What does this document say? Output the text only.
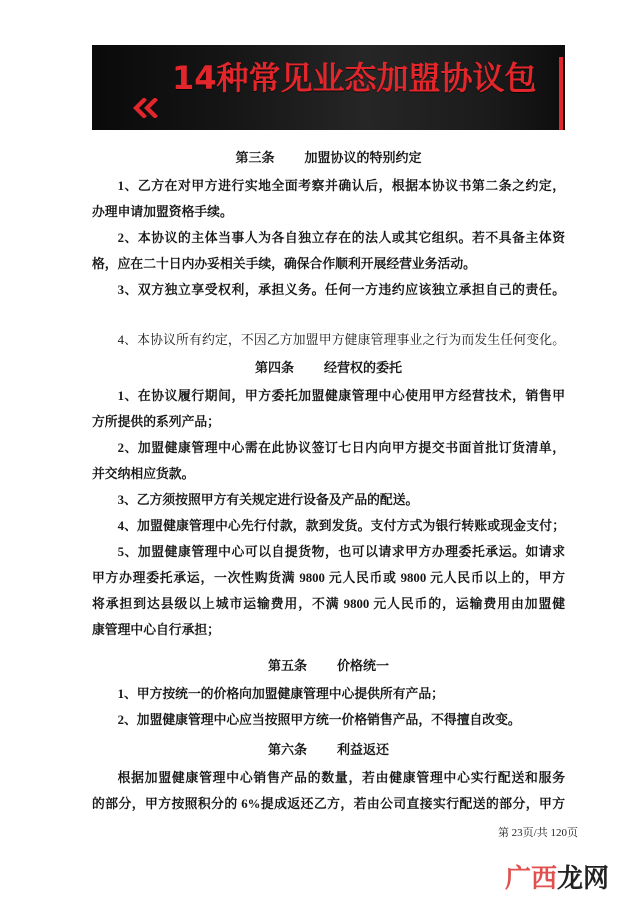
14种常见业态加盟协议包
第三条 加盟协议的特别约定
1、乙方在对甲方进行实地全面考察并确认后，根据本协议书第二条之约定，
办理申请加盟资格手续。
2、本协议的主体当事人为各自独立存在的法人或其它组织。若不具备主体资
格，应在二十日内办妥相关手续，确保合作顺利开展经营业务活动。
3、双方独立享受权利，承担义务。任何一方违约应该独立承担自己的责任。
4、本协议所有约定，不因乙方加盟甲方健康管理事业之行为而发生任何变化。
第四条 经营权的委托
1、在协议履行期间，甲方委托加盟健康管理中心使用甲方经营技术，销售甲
方所提供的系列产品；
2、加盟健康管理中心需在此协议签订七日内向甲方提交书面首批订货清单，
并交纳相应货款。
3、乙方须按照甲方有关规定进行设备及产品的配送。
4、加盟健康管理中心先行付款，款到发货。支付方式为银行转账或现金支付；
5、加盟健康管理中心可以自提货物，也可以请求甲方办理委托承运。如请求
甲方办理委托承运，一次性购货满 9800 元人民币或 9800 元人民币以上的，甲方
将承担到达县级以上城市运输费用，不满 9800 元人民币的，运输费用由加盟健
康管理中心自行承担；
第五条 价格统一
1、甲方按统一的价格向加盟健康管理中心提供所有产品；
2、加盟健康管理中心应当按照甲方统一价格销售产品，不得擅自改变。
第六条 利益返还
根据加盟健康管理中心销售产品的数量，若由健康管理中心实行配送和服务
的部分，甲方按照积分的 6%提成返还乙方，若由公司直接实行配送的部分，甲方
第 23页/共 120页
广西龙网
